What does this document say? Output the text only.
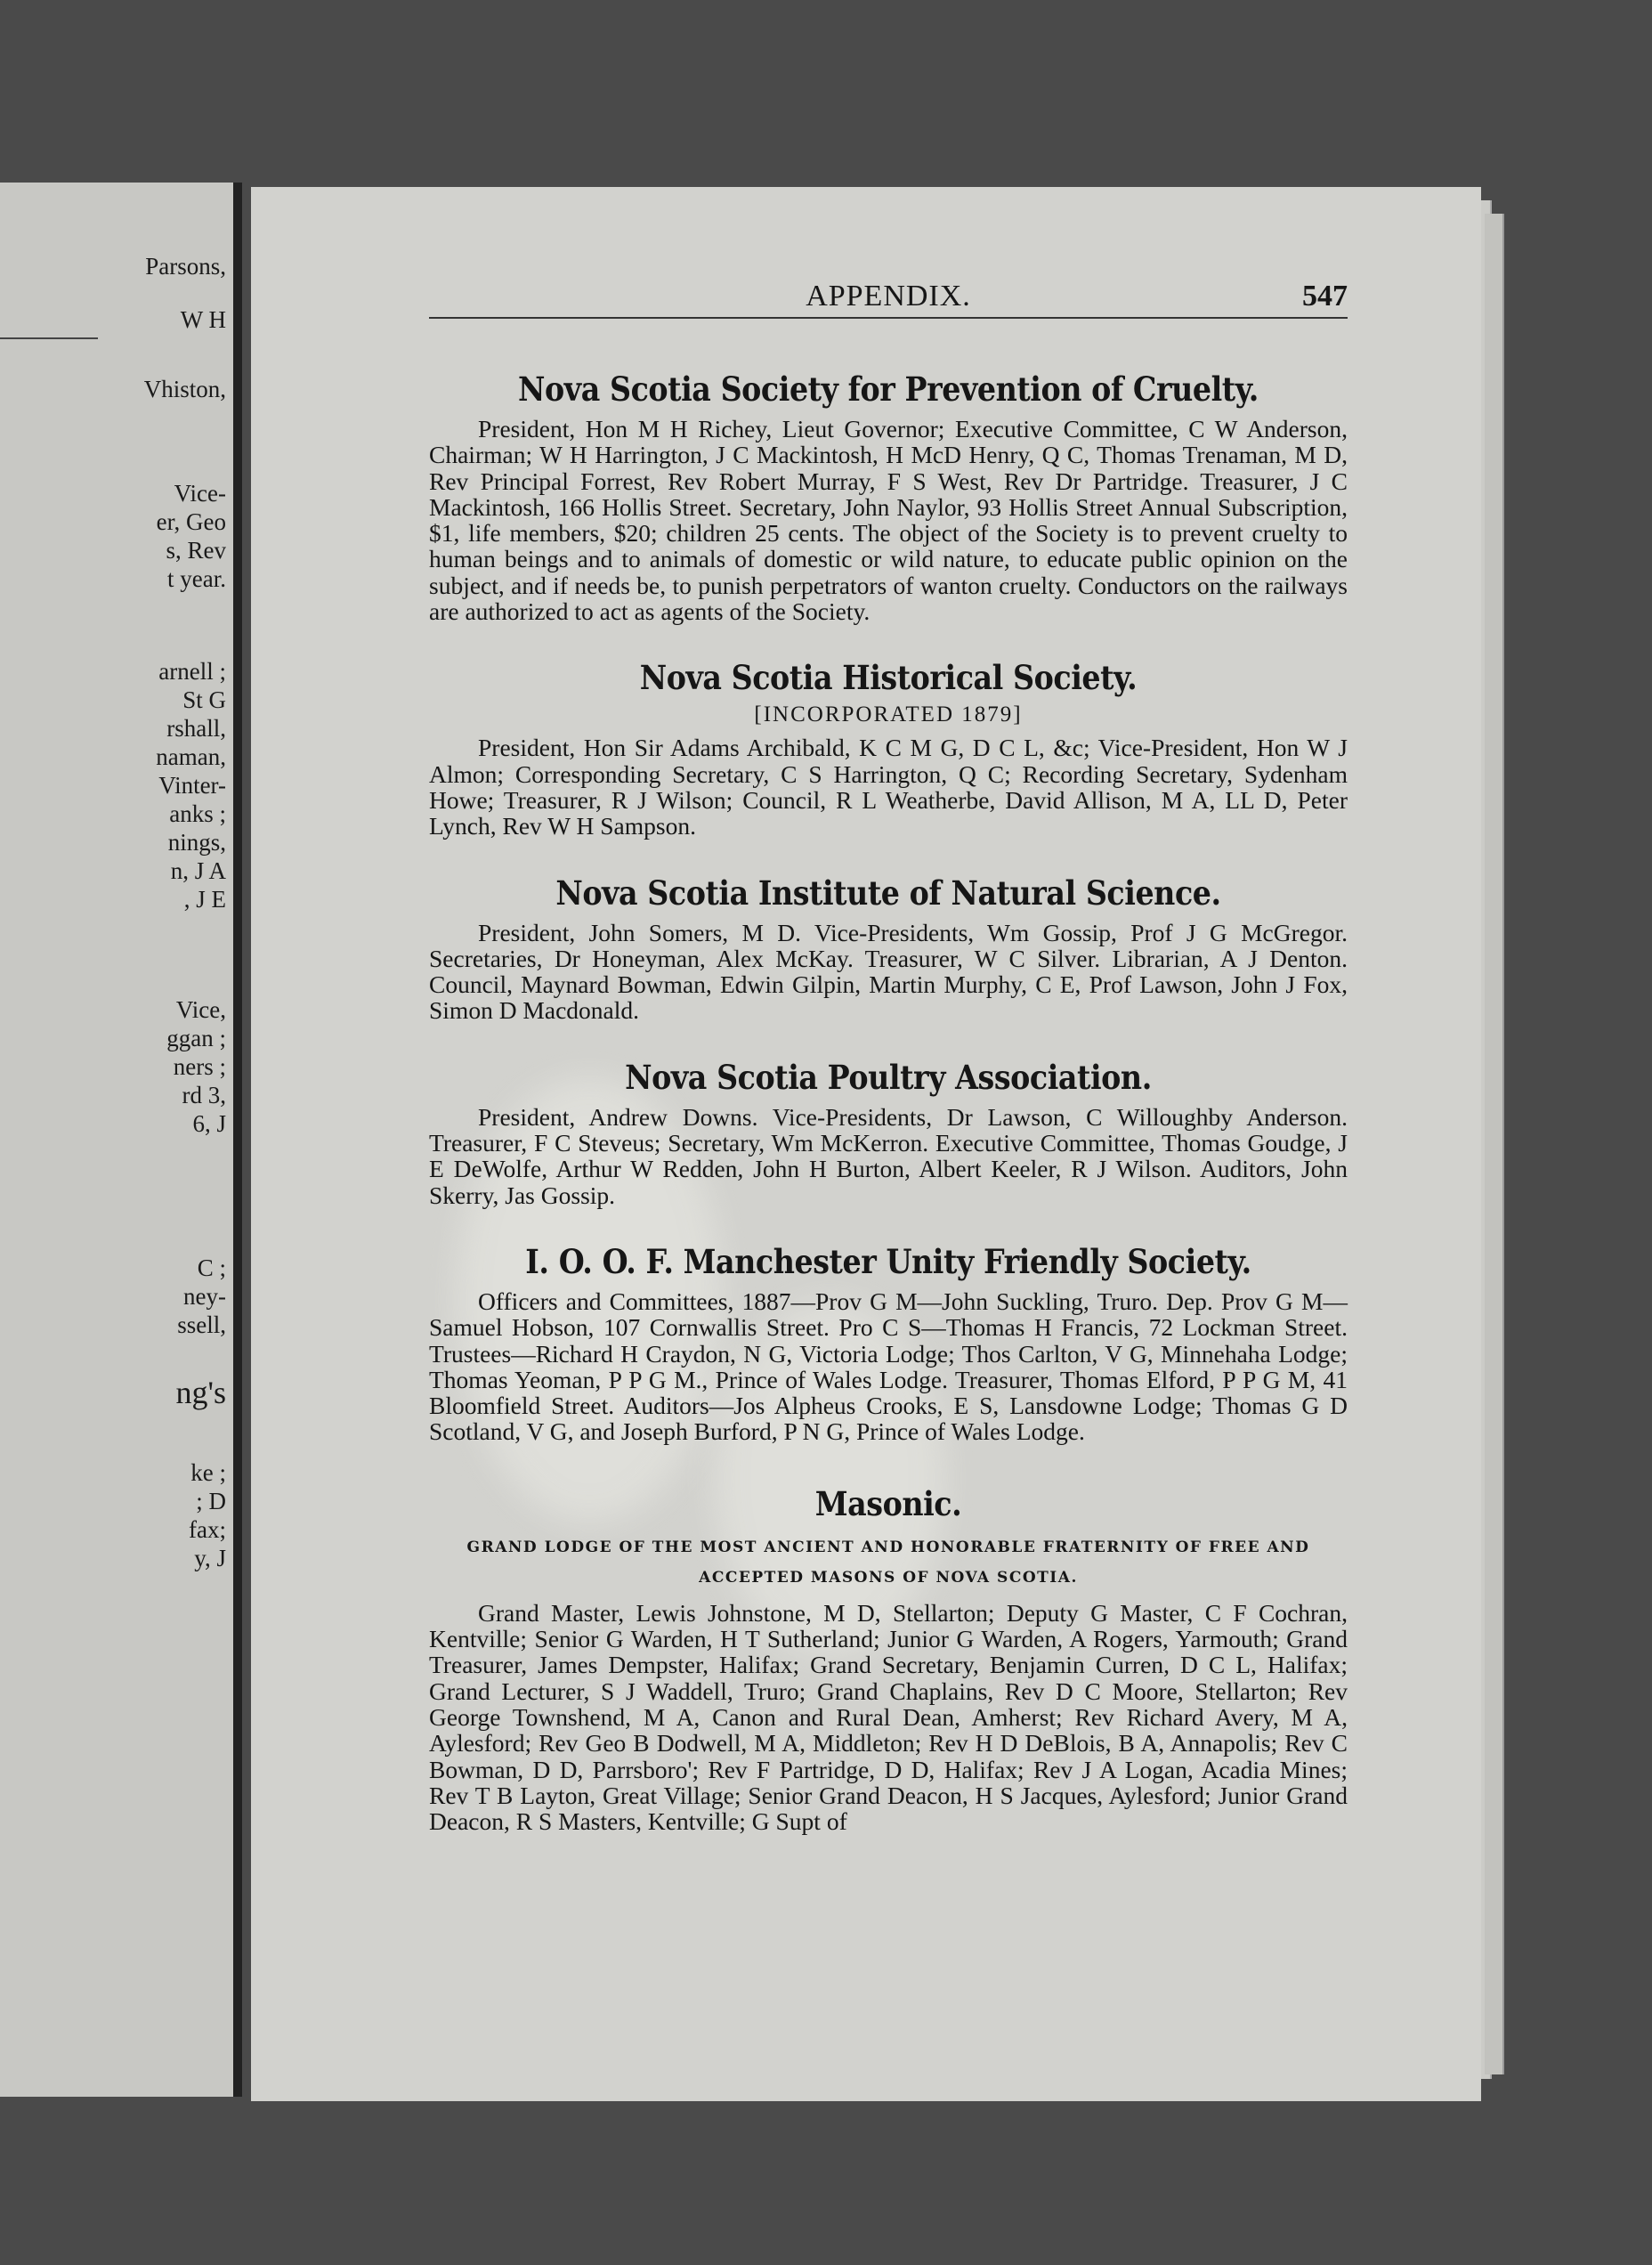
Parsons,
W H
Vhiston,
Vice-
er, Geo
s, Rev
t year.
arnell ;
St G
rshall,
naman,
Vinter-
anks ;
nings,
n, J A
, J E
Vice,
ggan ;
ners ;
rd 3,
6, J
C ;
ney-
ssell,
ng's
ke ;
; D
fax;
y, J
APPENDIX.	547
Nova Scotia Society for Prevention of Cruelty.

President, Hon M H Richey, Lieut Governor; Executive Committee, C W Anderson, Chairman; W H Harrington, J C Mackintosh, H McD Henry, Q C, Thomas Trenaman, M D, Rev Principal Forrest, Rev Robert Murray, F S West, Rev Dr Partridge. Treasurer, J C Mackintosh, 166 Hollis Street. Secretary, John Naylor, 93 Hollis Street Annual Subscription, $1, life members, $20; children 25 cents. The object of the Society is to prevent cruelty to human beings and to animals of domestic or wild nature, to educate public opinion on the subject, and if needs be, to punish perpetrators of wanton cruelty. Conductors on the railways are authorized to act as agents of the Society.

Nova Scotia Historical Society.
[INCORPORATED 1879]

President, Hon Sir Adams Archibald, K C M G, D C L, &c; Vice-President, Hon W J Almon; Corresponding Secretary, C S Harrington, Q C; Recording Secretary, Sydenham Howe; Treasurer, R J Wilson; Council, R L Weatherbe, David Allison, M A, LL D, Peter Lynch, Rev W H Sampson.

Nova Scotia Institute of Natural Science.

President, John Somers, M D. Vice-Presidents, Wm Gossip, Prof J G McGregor. Secretaries, Dr Honeyman, Alex McKay. Treasurer, W C Silver. Librarian, A J Denton. Council, Maynard Bowman, Edwin Gilpin, Martin Murphy, C E, Prof Lawson, John J Fox, Simon D Macdonald.

Nova Scotia Poultry Association.

President, Andrew Downs. Vice-Presidents, Dr Lawson, C Willoughby Anderson. Treasurer, F C Steveus; Secretary, Wm McKerron. Executive Committee, Thomas Goudge, J E DeWolfe, Arthur W Redden, John H Burton, Albert Keeler, R J Wilson. Auditors, John Skerry, Jas Gossip.

I. O. O. F. Manchester Unity Friendly Society.

Officers and Committees, 1887—Prov G M—John Suckling, Truro. Dep. Prov G M—Samuel Hobson, 107 Cornwallis Street. Pro C S—Thomas H Francis, 72 Lockman Street. Trustees—Richard H Craydon, N G, Victoria Lodge; Thos Carlton, V G, Minnehaha Lodge; Thomas Yeoman, P P G M., Prince of Wales Lodge. Treasurer, Thomas Elford, P P G M, 41 Bloomfield Street. Auditors—Jos Alpheus Crooks, E S, Lansdowne Lodge; Thomas G D Scotland, V G, and Joseph Burford, P N G, Prince of Wales Lodge.

Masonic.
GRAND LODGE OF THE MOST ANCIENT AND HONORABLE FRATERNITY OF FREE AND ACCEPTED MASONS OF NOVA SCOTIA.

Grand Master, Lewis Johnstone, M D, Stellarton; Deputy G Master, C F Cochran, Kentville; Senior G Warden, H T Sutherland; Junior G Warden, A Rogers, Yarmouth; Grand Treasurer, James Dempster, Halifax; Grand Secretary, Benjamin Curren, D C L, Halifax; Grand Lecturer, S J Waddell, Truro; Grand Chaplains, Rev D C Moore, Stellarton; Rev George Townshend, M A, Canon and Rural Dean, Amherst; Rev Richard Avery, M A, Aylesford; Rev Geo B Dodwell, M A, Middleton; Rev H D DeBlois, B A, Annapolis; Rev C Bowman, D D, Parrsboro'; Rev F Partridge, D D, Halifax; Rev J A Logan, Acadia Mines; Rev T B Layton, Great Village; Senior Grand Deacon, H S Jacques, Aylesford; Junior Grand Deacon, R S Masters, Kentville; G Supt of
